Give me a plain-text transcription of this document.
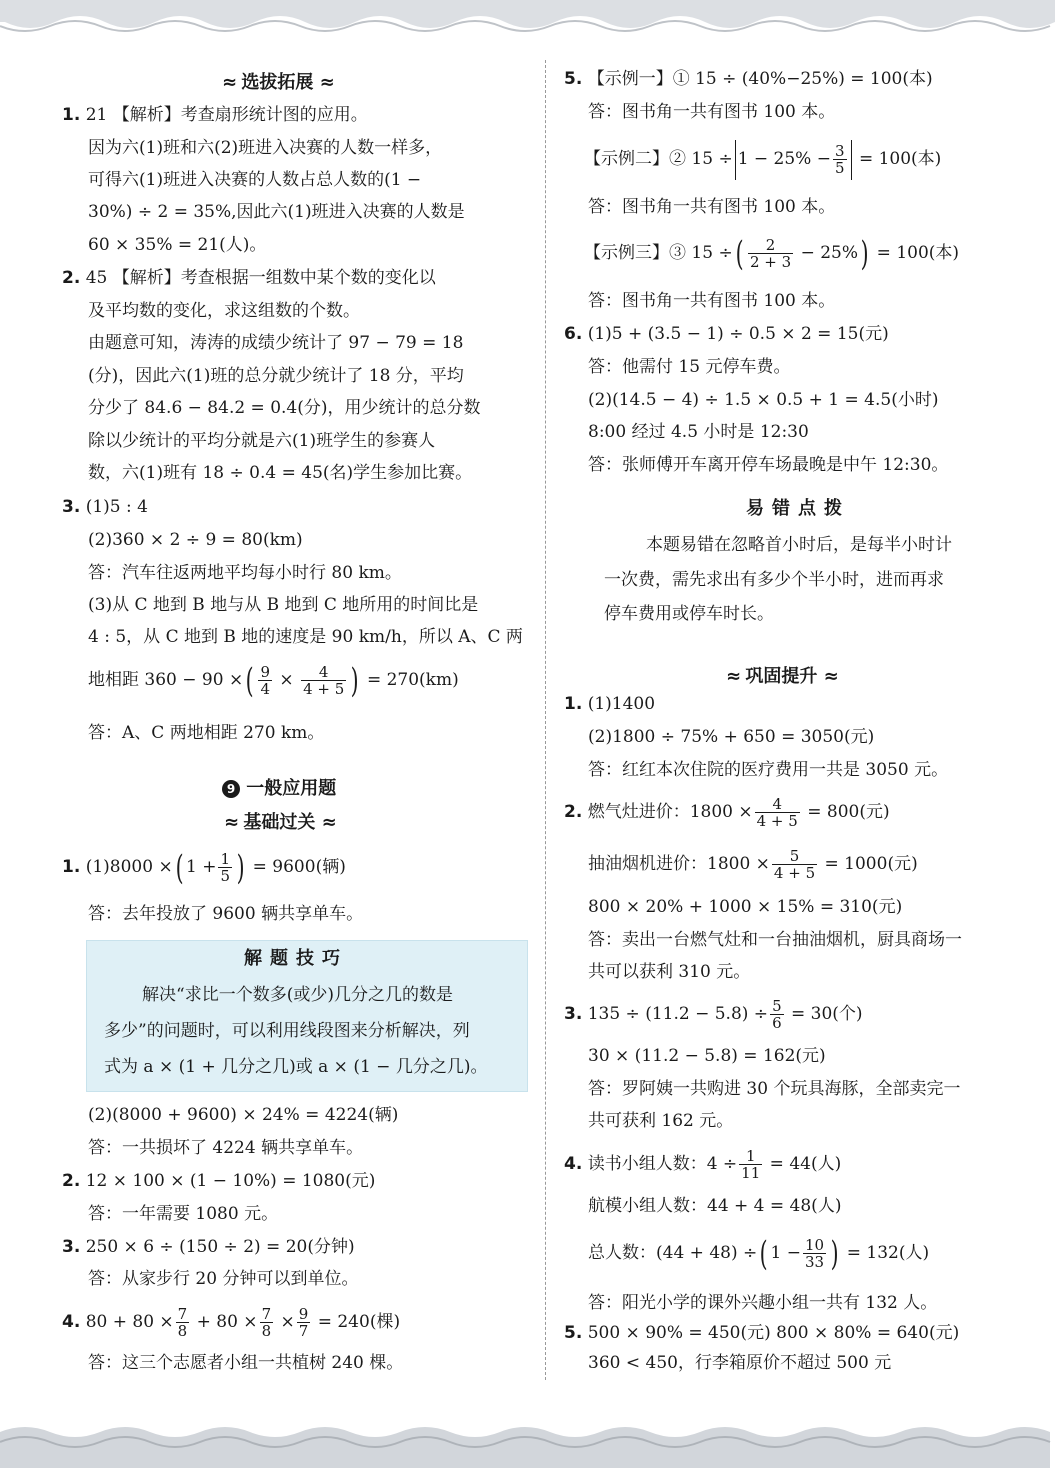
≈ 选拔拓展 ≈
1. 21 【解析】考查扇形统计图的应用。
因为六(1)班和六(2)班进入决赛的人数一样多，
可得六(1)班进入决赛的人数占总人数的(1 −
30%) ÷ 2 = 35%,因此六(1)班进入决赛的人数是
60 × 35% = 21(人)。
2. 45 【解析】考查根据一组数中某个数的变化以
及平均数的变化，求这组数的个数。
由题意可知，涛涛的成绩少统计了 97 − 79 = 18
(分)，因此六(1)班的总分就少统计了 18 分，平均
分少了 84.6 − 84.2 = 0.4(分)，用少统计的总分数
除以少统计的平均分就是六(1)班学生的参赛人
数，六(1)班有 18 ÷ 0.4 = 45(名)学生参加比赛。
3. (1)5 : 4
(2)360 × 2 ÷ 9 = 80(km)
答：汽车往返两地平均每小时行 80 km。
(3)从 C 地到 B 地与从 B 地到 C 地所用的时间比是
4 : 5，从 C 地到 B 地的速度是 90 km/h，所以 A、C 两
地相距 360 − 90 ×( $\frac{9}{4} \times \frac{4}{4 + 5}$ ) = 270(km)
答：A、C 两地相距 270 km。
9 一般应用题
≈ 基础过关 ≈
1. (1)8000 ×( $1 + \frac{1}{5}$ ) = 9600(辆)
答：去年投放了 9600 辆共享单车。
解题技巧
解决“求比一个数多(或少)几分之几的数是
多少”的问题时，可以利用线段图来分析解决，列
式为 a × (1 + 几分之几)或 a × (1 − 几分之几)。
(2)(8000 + 9600) × 24% = 4224(辆)
答：一共损坏了 4224 辆共享单车。
2. 12 × 100 × (1 − 10%) = 1080(元)
答：一年需要 1080 元。
3. 250 × 6 ÷ (150 ÷ 2) = 20(分钟)
答：从家步行 20 分钟可以到单位。
4. $80 + 80 \times \frac{7}{8} + 80 \times \frac{7}{8} \times \frac{9}{7} = 240$(棵)
答：这三个志愿者小组一共植树 240 棵。
5. 【示例一】① 15 ÷ (40%−25%) = 100(本)
答：图书角一共有图书 100 本。
【示例二】② $15 \div 1 - 25\% - \frac{3}{5} = 100$(本)
答：图书角一共有图书 100 本。
【示例三】③ 15 ÷( $\frac{2}{2 + 3} - 25\%) = 100$(本)
答：图书角一共有图书 100 本。
6. (1)5 + (3.5 − 1) ÷ 0.5 × 2 = 15(元)
答：他需付 15 元停车费。
(2)(14.5 − 4) ÷ 1.5 × 0.5 + 1 = 4.5(小时)
8:00 经过 4.5 小时是 12:30
答：张师傅开车离开停车场最晚是中午 12:30。
易错点拨
本题易错在忽略首小时后，是每半小时计
一次费，需先求出有多少个半小时，进而再求
停车费用或停车时长。
≈ 巩固提升 ≈
1. (1)1400
(2)1800 ÷ 75% + 650 = 3050(元)
答：红红本次住院的医疗费用一共是 3050 元。
2. 燃气灶进价：$1800 \times \frac{4}{4 + 5} = 800$(元)
抽油烟机进价：$1800 \times \frac{5}{4 + 5} = 1000$(元)
800 × 20% + 1000 × 15% = 310(元)
答：卖出一台燃气灶和一台抽油烟机，厨具商场一
共可以获利 310 元。
3. $135 \div (11.2 - 5.8) \div \frac{5}{6} = 30$(个)
30 × (11.2 − 5.8) = 162(元)
答：罗阿姨一共购进 30 个玩具海豚，全部卖完一
共可获利 162 元。
4. 读书小组人数：$4 \div \frac{1}{11} = 44$(人)
航模小组人数：44 + 4 = 48(人)
总人数：(44 + 48) ÷( $1 - \frac{10}{33}$ ) = 132(人)
答：阳光小学的课外兴趣小组一共有 132 人。
5. 500 × 90% = 450(元) 800 × 80% = 640(元)
360 < 450，行李箱原价不超过 500 元
